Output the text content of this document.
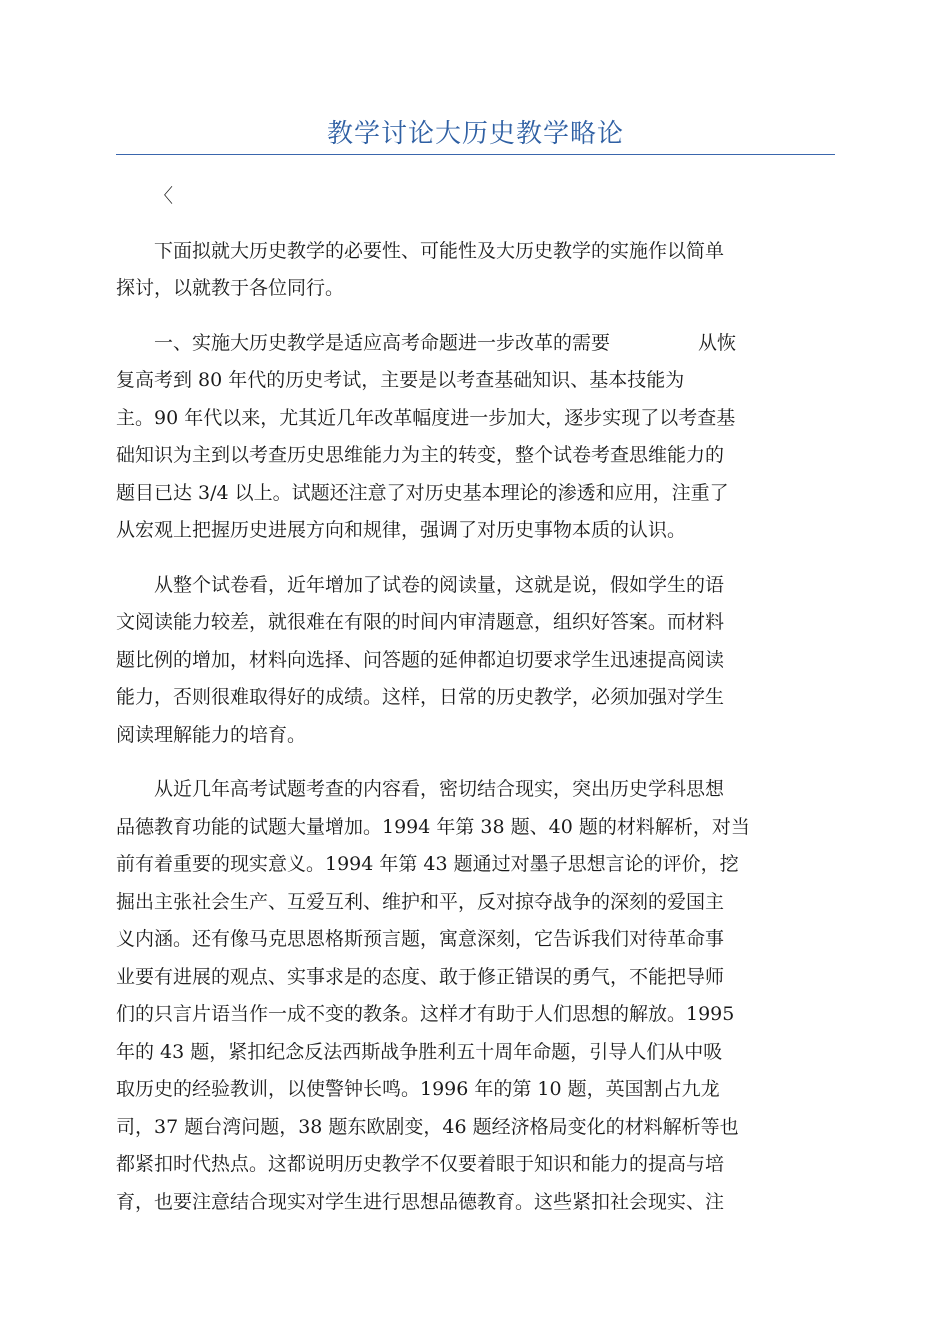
教学讨论大历史教学略论

〈

下面拟就大历史教学的必要性、可能性及大历史教学的实施作以简单
探讨，以就教于各位同行。

一、实施大历史教学是适应高考命题进一步改革的需要	从恢
复高考到 80 年代的历史考试，主要是以考查基础知识、基本技能为
主。90 年代以来，尤其近几年改革幅度进一步加大，逐步实现了以考查基
础知识为主到以考查历史思维能力为主的转变，整个试卷考查思维能力的
题目已达 3/4 以上。试题还注意了对历史基本理论的渗透和应用，注重了
从宏观上把握历史进展方向和规律，强调了对历史事物本质的认识。

从整个试卷看，近年增加了试卷的阅读量，这就是说，假如学生的语
文阅读能力较差，就很难在有限的时间内审清题意，组织好答案。而材料
题比例的增加，材料向选择、问答题的延伸都迫切要求学生迅速提高阅读
能力，否则很难取得好的成绩。这样，日常的历史教学，必须加强对学生
阅读理解能力的培育。

从近几年高考试题考查的内容看，密切结合现实，突出历史学科思想
品德教育功能的试题大量增加。1994 年第 38 题、40 题的材料解析，对当
前有着重要的现实意义。1994 年第 43 题通过对墨子思想言论的评价，挖
掘出主张社会生产、互爱互利、维护和平，反对掠夺战争的深刻的爱国主
义内涵。还有像马克思恩格斯预言题，寓意深刻，它告诉我们对待革命事
业要有进展的观点、实事求是的态度、敢于修正错误的勇气，不能把导师
们的只言片语当作一成不变的教条。这样才有助于人们思想的解放。1995
年的 43 题，紧扣纪念反法西斯战争胜利五十周年命题，引导人们从中吸
取历史的经验教训，以使警钟长鸣。1996 年的第 10 题，英国割占九龙
司，37 题台湾问题，38 题东欧剧变，46 题经济格局变化的材料解析等也
都紧扣时代热点。这都说明历史教学不仅要着眼于知识和能力的提高与培
育，也要注意结合现实对学生进行思想品德教育。这些紧扣社会现实、注
